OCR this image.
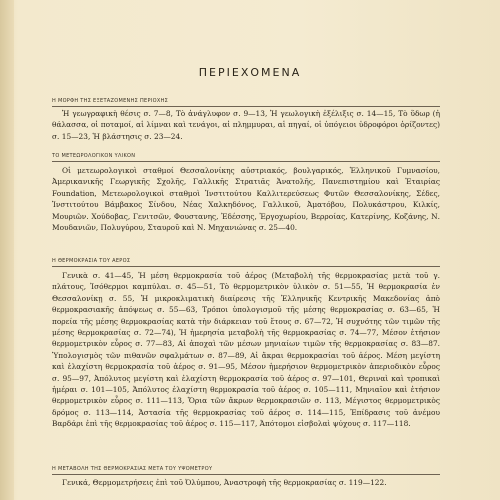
ΠΕΡΙΕΧΟΜΕΝΑ
Η ΜΟΡΦΗ ΤΗΣ ΕΞΕΤΑΖΟΜΕΝΗΣ ΠΕΡΙΟΧΗΣ
Ἡ γεωγραφικὴ θέσις σ. 7—8, Τὸ ἀνάγλυφον σ. 9—13, Ἡ γεωλογικὴ ἐξέλιξις σ. 14—15, Τὸ ὕδωρ (ἡ θάλασσα, οἱ ποταμοί, αἱ λίμναι καὶ τενάγοι, αἱ πλημμυραι, αἱ πηγαί, οἱ ὑπόγειοι ὑδροφόροι ὁρίζοντες) σ. 15—23, Ἡ βλάστησις σ. 23—24.
ΤΟ ΜΕΤΕΩΡΟΛΟΓΙΚΟΝ ΥΛΙΚΟΝ
Οἱ μετεωρολογικοὶ σταθμοί Θεσσαλονίκης αὐστριακός, βουλγαρικός, Ἑλληνικοῦ Γυμνασίου, Ἀμερικανικῆς Γεωργικῆς Σχολῆς, Γαλλικῆς Στρατιᾶς Ἀνατολῆς, Πανεπιστημίου καὶ Ἑταιρίας Foundation, Μετεωρολογικοὶ σταθμοὶ Ἰνστιτούτου Καλλιτερεύσεως Φυτῶν Θεσσαλονίκης, Σέδες, Ἰνστιτούτου Βάμβακος Σίνδου, Νέας Χαλκηδόνος, Γαλλικοῦ, Ἀματόβου, Πολυκάστρου, Κιλκίς, Μουριῶν. Χούδοβας, Γενιτσῶν, Φουστανης, Ἐδέσσης, Ἐργοχωρίου, Βερροίας, Κατερίνης, Κοζάνης, Ν. Μουδανιῶν, Πολυγύρου, Σταυροῦ καὶ Ν. Μηχανιώνας σ. 25—40.
Η ΘΕΡΜΟΚΡΑΣΙΑ ΤΟΥ ΑΕΡΟΣ
Γενικὰ σ. 41—45, Ἡ μέση θερμοκρασία τοῦ ἀέρος (Μεταβολὴ τῆς θερμοκρασίας μετὰ τοῦ γ. πλάτους, Ἰσόθερμοι καμπύλαι. σ. 45—51, Τὸ θερμομετρικὸν ὑλικὸν σ. 51—55, Ἡ θερμοκρασία ἐν Θεσσαλονίκῃ σ. 55, Ἡ μικροκλιματικὴ διαίρεσις τῆς Ἑλληνικῆς Κεντρικῆς Μακεδονίας ἀπὸ θερμοκρασιακῆς ἀπόψεως σ. 55—63, Τρόποι ὑπολογισμοῦ τῆς μέσης θερμοκρασίας σ. 63—65, Ἡ πορεία τῆς μέσης θερμοκρασίας κατὰ τὴν διάρκειαν τοῦ ἔτους σ. 67—72, Ἡ συχνότης τῶν τιμῶν τῆς μέσης θερμοκρασίας σ. 72—74), Ἡ ἡμερησία μεταβολὴ τῆς θερμοκρασίας σ. 74—77, Μέσον ἐτήσιον θερμομετρικὸν εὖρος σ. 77—83, Αἱ ἀποχαὶ τῶν μέσων μηνιαίων τιμῶν τῆς θερμοκρασίας σ. 83—87. Ὑπολογισμὸς τῶν πιθανῶν σφαλμάτων σ. 87—89, Αἱ ἄκραι θερμοκρασίαι τοῦ ἀέρος. Μέση μεγίστη καὶ ἐλαχίστη θερμοκρασία τοῦ ἀέρος σ. 91—95, Μέσον ἡμερήσιον θερμομετρικὸν ἀπεριοδικὸν εὖρος σ. 95—97, Ἀπόλυτος μεγίστη καὶ ἐλαχίστη θερμοκρασία τοῦ ἀέρος σ. 97—101, Θεριναὶ καὶ τροπικαὶ ἡμέραι σ. 101—105, Ἀπόλυτος ἐλαχίστη θερμοκρασία τοῦ ἀέρος σ. 105—111, Μηνιαῖον καὶ ἐτήσιον θερμομετρικὸν εὖρος σ. 111—113, Ὅρια τῶν ἄκρων θερμοκρασιῶν σ. 113, Μέγιστος θερμομετρικὸς δρόμος σ. 113—114, Ἀστασία τῆς θερμοκρασίας τοῦ ἀέρος σ. 114—115, Ἐπίδρασις τοῦ ἀνέμου Βαρδάρι ἐπὶ τῆς θερμοκρασίας τοῦ ἀέρος σ. 115—117, Ἀπότομοι εἰσβολαὶ ψύχους σ. 117—118.
Η ΜΕΤΑΒΟΛΗ ΤΗΣ ΘΕΡΜΟΚΡΑΣΙΑΣ ΜΕΤΑ ΤΟΥ ΥΨΟΜΕΤΡΟΥ
Γενικά, Θερμομετρήσεις ἐπὶ τοῦ Ὀλύμπου, Ἀναστροφὴ τῆς θερμοκρασίας σ. 119—122.
